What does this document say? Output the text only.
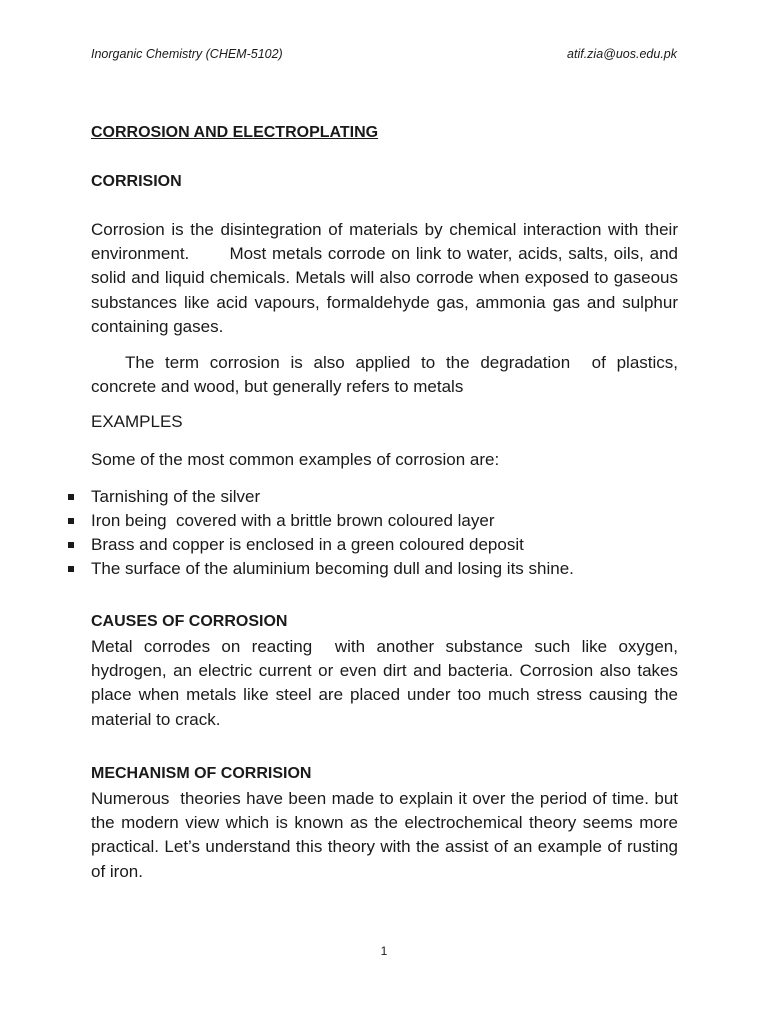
Inorganic Chemistry (CHEM-5102)	atif.zia@uos.edu.pk
CORROSION AND ELECTROPLATING
CORRISION

Corrosion is the disintegration of materials by chemical interaction with their environment.       Most metals corrode on link to water, acids, salts, oils, and solid and liquid chemicals. Metals will also corrode when exposed to gaseous substances like acid vapours, formaldehyde gas, ammonia gas and sulphur containing gases.

The term corrosion is also applied to the degradation  of plastics, concrete and wood, but generally refers to metals

EXAMPLES

Some of the most common examples of corrosion are:

Tarnishing of the silver
Iron being  covered with a brittle brown coloured layer
Brass and copper is enclosed in a green coloured deposit
The surface of the aluminium becoming dull and losing its shine.
CAUSES OF CORROSION

Metal corrodes on reacting  with another substance such like oxygen, hydrogen, an electric current or even dirt and bacteria. Corrosion also takes place when metals like steel are placed under too much stress causing the material to crack.

MECHANISM OF CORRISION

Numerous  theories have been made to explain it over the period of time. but the modern view which is known as the electrochemical theory seems more practical. Let’s understand this theory with the assist of an example of rusting of iron.

1
